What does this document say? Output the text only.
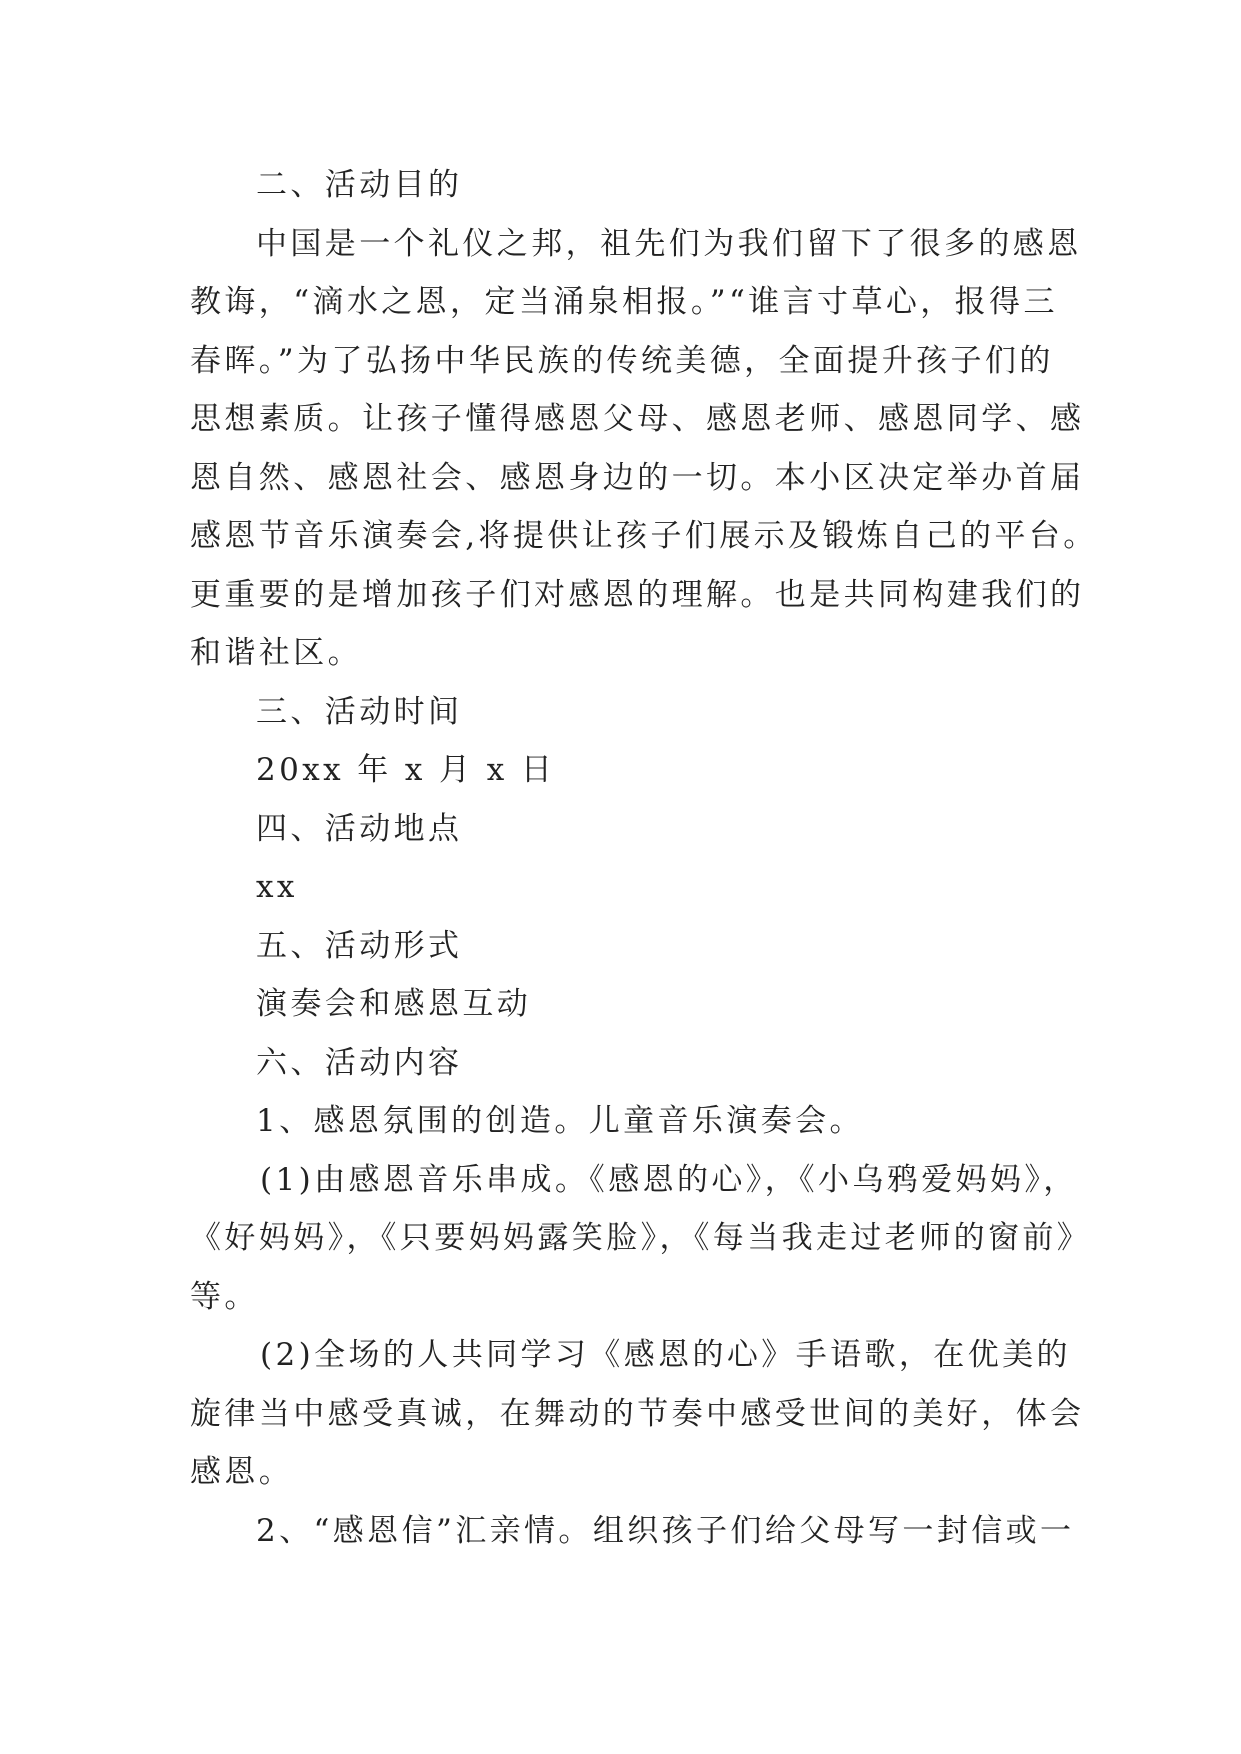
二、活动目的

中国是一个礼仪之邦，祖先们为我们留下了很多的感恩

教诲，“滴水之恩，定当涌泉相报。”“谁言寸草心，报得三

春晖。”为了弘扬中华民族的传统美德，全面提升孩子们的

思想素质。让孩子懂得感恩父母、感恩老师、感恩同学、感

恩自然、感恩社会、感恩身边的一切。本小区决定举办首届

感恩节音乐演奏会,将提供让孩子们展示及锻炼自己的平台。

更重要的是增加孩子们对感恩的理解。也是共同构建我们的

和谐社区。

三、活动时间

20xx 年 x 月 x 日

四、活动地点

xx

五、活动形式

演奏会和感恩互动

六、活动内容

1、感恩氛围的创造。儿童音乐演奏会。

(1)由感恩音乐串成。《感恩的心》，《小乌鸦爱妈妈》，

《好妈妈》，《只要妈妈露笑脸》，《每当我走过老师的窗前》

等。

(2)全场的人共同学习《感恩的心》手语歌，在优美的

旋律当中感受真诚，在舞动的节奏中感受世间的美好，体会

感恩。

2、“感恩信”汇亲情。组织孩子们给父母写一封信或一
